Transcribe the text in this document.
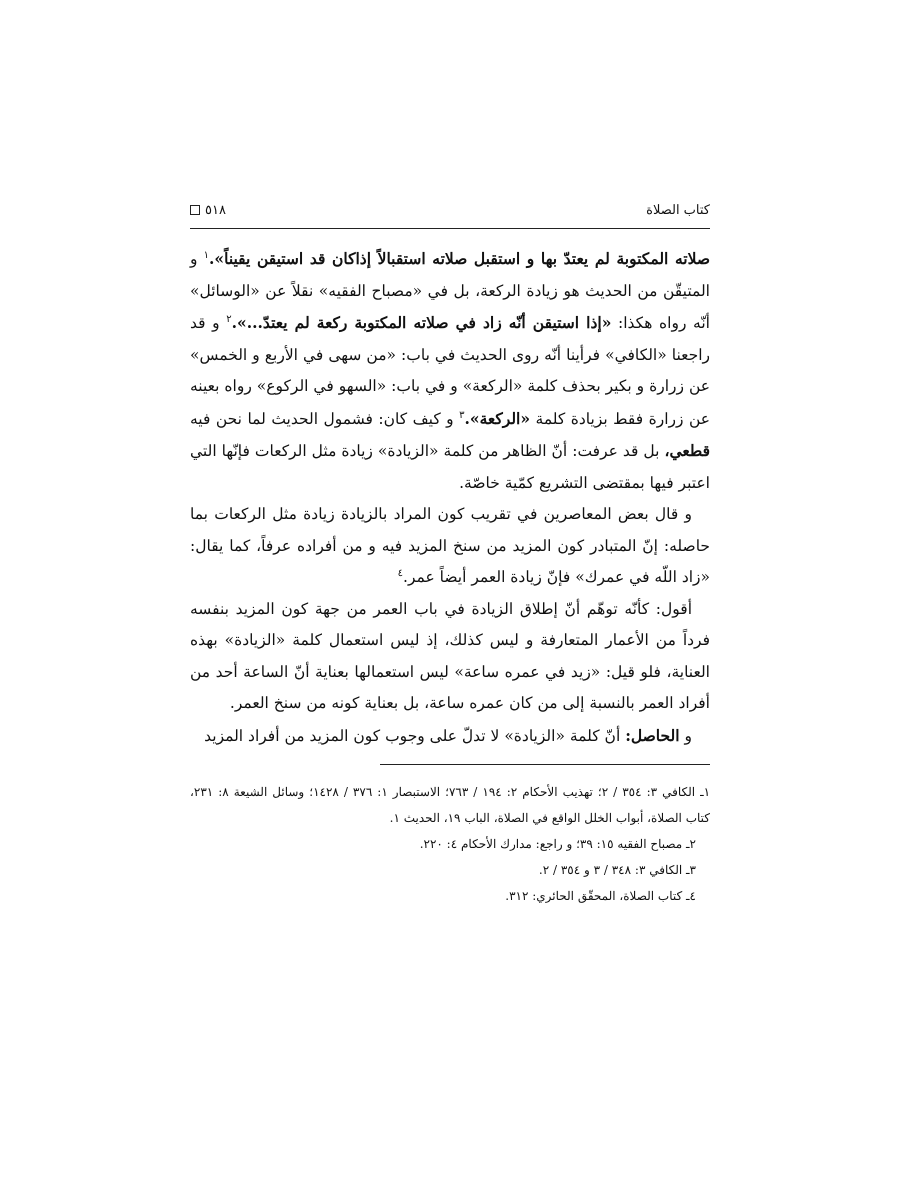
كتاب الصلاة
٥١٨

صلاته المكتوبة لم يعتدّ بها و استقبل صلاته استقبالاً إذاكان قد استيقن يقيناً».$^١$ و المتيقّن من الحديث هو زيادة الركعة، بل في «مصباح الفقيه» نقلاً عن «الوسائل» أنّه رواه هكذا: «إذا استيقن أنّه زاد في صلاته المكتوبة ركعة لم يعتدّ...».$^٢$ و قد راجعنا «الكافي» فرأينا أنّه روى الحديث في باب: «من سهى في الأربع و الخمس» عن زرارة و بكير بحذف كلمة «الركعة» و في باب: «السهو في الركوع» رواه بعينه عن زرارة فقط بزيادة كلمة «الركعة».$^٣$ و كيف كان: فشمول الحديث لما نحن فيه قطعي، بل قد عرفت: أنّ الظاهر من كلمة «الزيادة» زيادة مثل الركعات فإنّها التي اعتبر فيها بمقتضى التشريع كمّية خاصّة.

و قال بعض المعاصرين في تقريب كون المراد بالزيادة زيادة مثل الركعات بما حاصله: إنّ المتبادر كون المزيد من سنخ المزيد فيه و من أفراده عرفاً، كما يقال: «زاد اللّه في عمرك» فإنّ زيادة العمر أيضاً عمر.$^٤$

أقول: كأنّه توهّم أنّ إطلاق الزيادة في باب العمر من جهة كون المزيد بنفسه فرداً من الأعمار المتعارفة و ليس كذلك، إذ ليس استعمال كلمة «الزيادة» بهذه العناية، فلو قيل: «زيد في عمره ساعة» ليس استعمالها بعناية أنّ الساعة أحد من أفراد العمر بالنسبة إلى من كان عمره ساعة، بل بعناية كونه من سنخ العمر.

و الحاصل: أنّ كلمة «الزيادة» لا تدلّ على وجوب كون المزيد من أفراد المزيد

١ـ الكافي ٣: ٣٥٤ / ٢؛ تهذيب الأحكام ٢: ١٩٤ / ٧٦٣؛ الاستبصار ١: ٣٧٦ / ١٤٢٨؛ وسائل الشيعة ٨: ٢٣١، كتاب الصلاة، أبواب الخلل الواقع في الصلاة، الباب ١٩، الحديث ١.

٢ـ مصباح الفقيه ١٥: ٣٩؛ و راجع: مدارك الأحكام ٤: ٢٢٠.

٣ـ الكافي ٣: ٣٤٨ / ٣ و ٣٥٤ / ٢.

٤ـ كتاب الصلاة، المحقّق الحائري: ٣١٢.
